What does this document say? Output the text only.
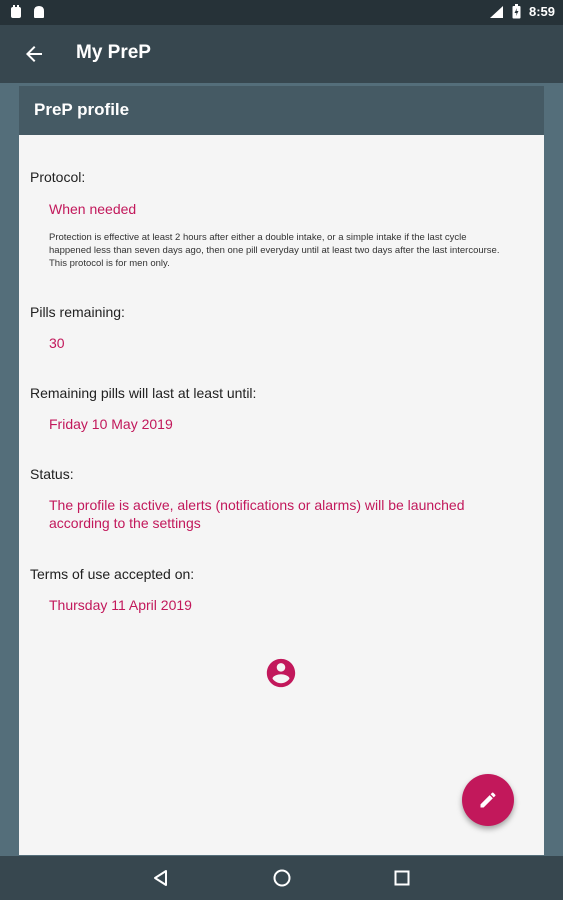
8:59
My PreP
PreP profile
Protocol:
When needed
Protection is effective at least 2 hours after either a double intake, or a simple intake if the last cycle happened less than seven days ago, then one pill everyday until at least two days after the last intercourse. This protocol is for men only.
Pills remaining:
30
Remaining pills will last at least until:
Friday 10 May 2019
Status:
The profile is active, alerts (notifications or alarms) will be launched according to the settings
Terms of use accepted on:
Thursday 11 April 2019
